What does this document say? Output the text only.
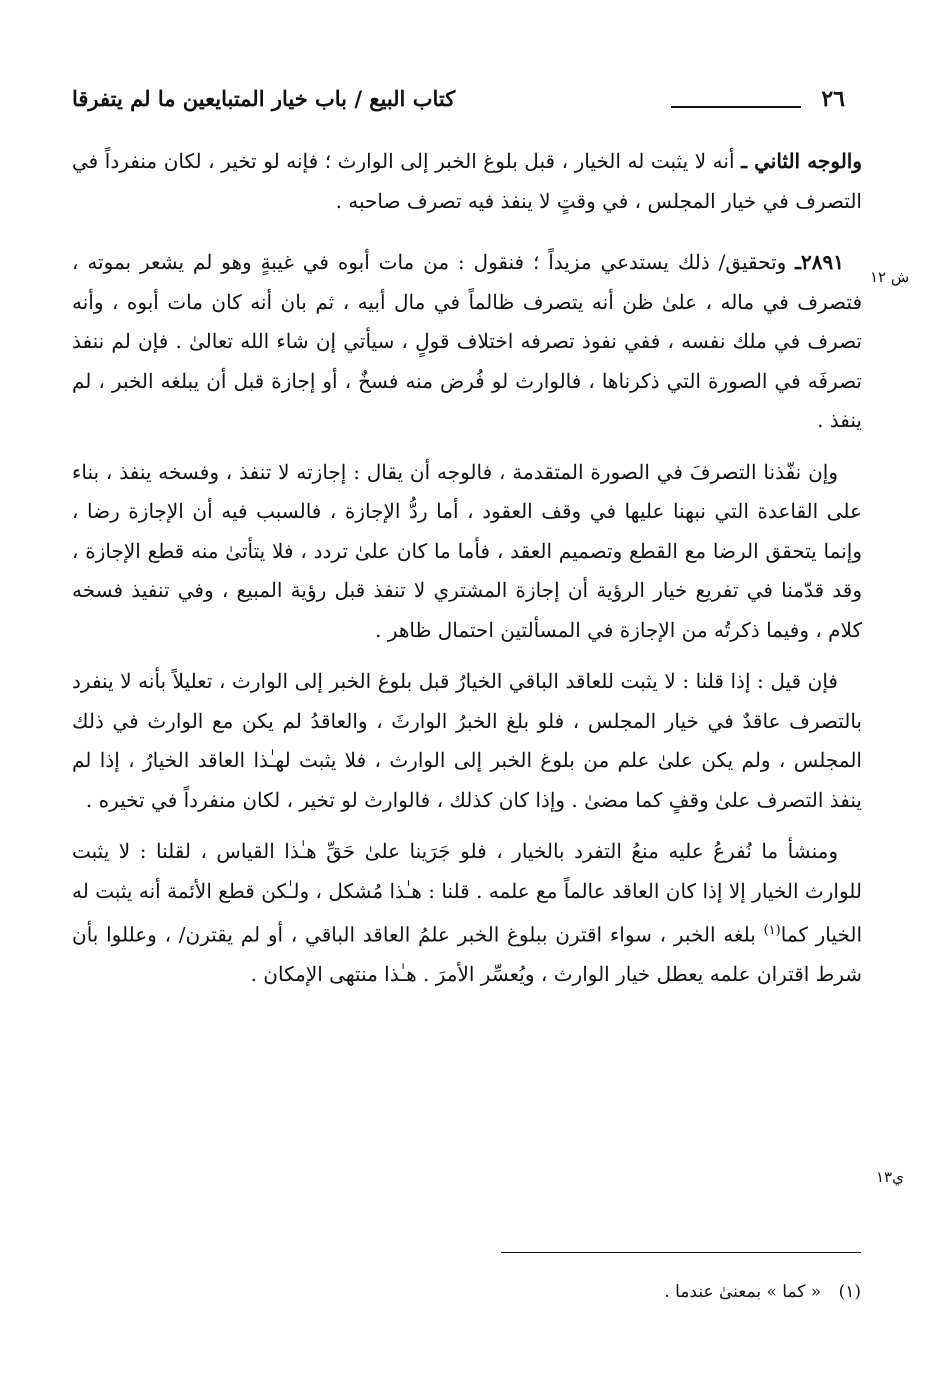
٢٦
كتاب البيع / باب خيار المتبايعين ما لم يتفرقا
ش ١٢
ي١٣

والوجه الثاني ـ أنه لا يثبت له الخيار ، قبل بلوغ الخبر إلى الوارث ؛ فإنه لو تخير ، لكان منفرداً في التصرف في خيار المجلس ، في وقتٍ لا ينفذ فيه تصرف صاحبه .

٢٨٩١ـ وتحقيق/ ذلك يستدعي مزيداً ؛ فنقول : من مات أبوه في غيبةٍ وهو لم يشعر بموته ، فتصرف في ماله ، علىٰ ظن أنه يتصرف ظالماً في مال أبيه ، ثم بان أنه كان مات أبوه ، وأنه تصرف في ملك نفسه ، ففي نفوذ تصرفه اختلاف قولٍ ، سيأتي إن شاء الله تعالىٰ . فإن لم ننفذ تصرفَه في الصورة التي ذكرناها ، فالوارث لو فُرض منه فسخٌ ، أو إجازة قبل أن يبلغه الخبر ، لم ينفذ .

وإن نفّذنا التصرفَ في الصورة المتقدمة ، فالوجه أن يقال : إجازته لا تنفذ ، وفسخه ينفذ ، بناء على القاعدة التي نبهنا عليها في وقف العقود ، أما ردُّ الإجازة ، فالسبب فيه أن الإجازة رضا ، وإنما يتحقق الرضا مع القطع وتصميم العقد ، فأما ما كان علىٰ تردد ، فلا يتأتىٰ منه قطع الإجازة ، وقد قدّمنا في تفريع خيار الرؤية أن إجازة المشتري لا تنفذ قبل رؤية المبيع ، وفي تنفيذ فسخه كلام ، وفيما ذكرتُه من الإجازة في المسألتين احتمال ظاهر .

فإن قيل : إذا قلنا : لا يثبت للعاقد الباقي الخيارُ قبل بلوغ الخبر إلى الوارث ، تعليلاً بأنه لا ينفرد بالتصرف عاقدٌ في خيار المجلس ، فلو بلغ الخبرُ الوارثَ ، والعاقدُ لم يكن مع الوارث في ذلك المجلس ، ولم يكن علىٰ علم من بلوغ الخبر إلى الوارث ، فلا يثبت لهـٰذا العاقد الخيارُ ، إذا لم ينفذ التصرف علىٰ وقفٍ كما مضىٰ . وإذا كان كذلك ، فالوارث لو تخير ، لكان منفرداً في تخيره .

ومنشأ ما نُفرعُ عليه منعُ التفرد بالخيار ، فلو جَرَينا علىٰ حَقِّ هـٰذا القياس ، لقلنا : لا يثبت للوارث الخيار إلا إذا كان العاقد عالماً مع علمه . قلنا : هـٰذا مُشكل ، ولـٰكن قطع الأئمة أنه يثبت له الخيار كما$^{(١)}$ بلغه الخبر ، سواء اقترن ببلوغ الخبر علمُ العاقد الباقي ، أو لم يقترن/ ، وعللوا بأن شرط اقتران علمه يعطل خيار الوارث ، ويُعسِّر الأمرَ . هـٰذا منتهى الإمكان .

(١) « كما » بمعنىٰ عندما .
